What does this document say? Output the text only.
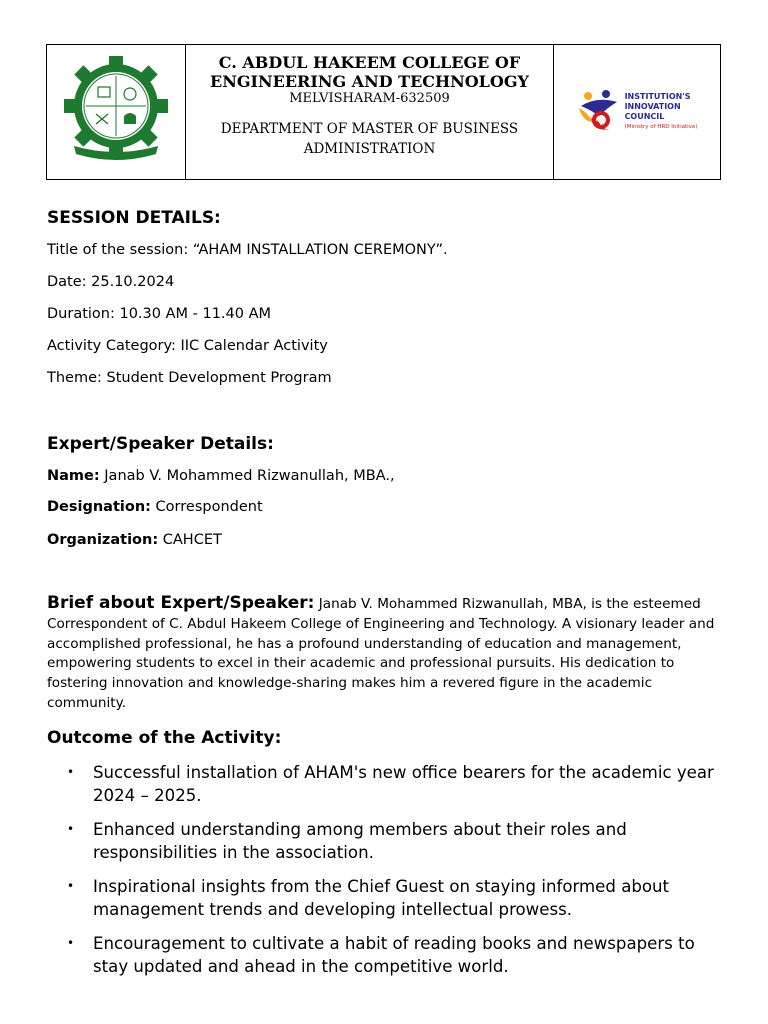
C. ABDUL HAKEEM COLLEGE OF ENGINEERING AND TECHNOLOGY
MELVISHARAM-632509
DEPARTMENT OF MASTER OF BUSINESS ADMINISTRATION
INSTITUTION'S
INNOVATION
COUNCIL
(Ministry of HRD Initiative)
SESSION DETAILS:
Title of the session: “AHAM INSTALLATION CEREMONY”.
Date: 25.10.2024
Duration: 10.30 AM - 11.40 AM
Activity Category: IIC Calendar Activity
Theme: Student Development Program
Expert/Speaker Details:
Name: Janab V. Mohammed Rizwanullah, MBA.,
Designation: Correspondent
Organization: CAHCET
Brief about Expert/Speaker: Janab V. Mohammed Rizwanullah, MBA, is the esteemed Correspondent of C. Abdul Hakeem College of Engineering and Technology. A visionary leader and accomplished professional, he has a profound understanding of education and management, empowering students to excel in their academic and professional pursuits. His dedication to fostering innovation and knowledge-sharing makes him a revered figure in the academic community.
Outcome of the Activity:
• Successful installation of AHAM's new office bearers for the academic year 2024 – 2025.
• Enhanced understanding among members about their roles and responsibilities in the association.
• Inspirational insights from the Chief Guest on staying informed about management trends and developing intellectual prowess.
• Encouragement to cultivate a habit of reading books and newspapers to stay updated and ahead in the competitive world.
